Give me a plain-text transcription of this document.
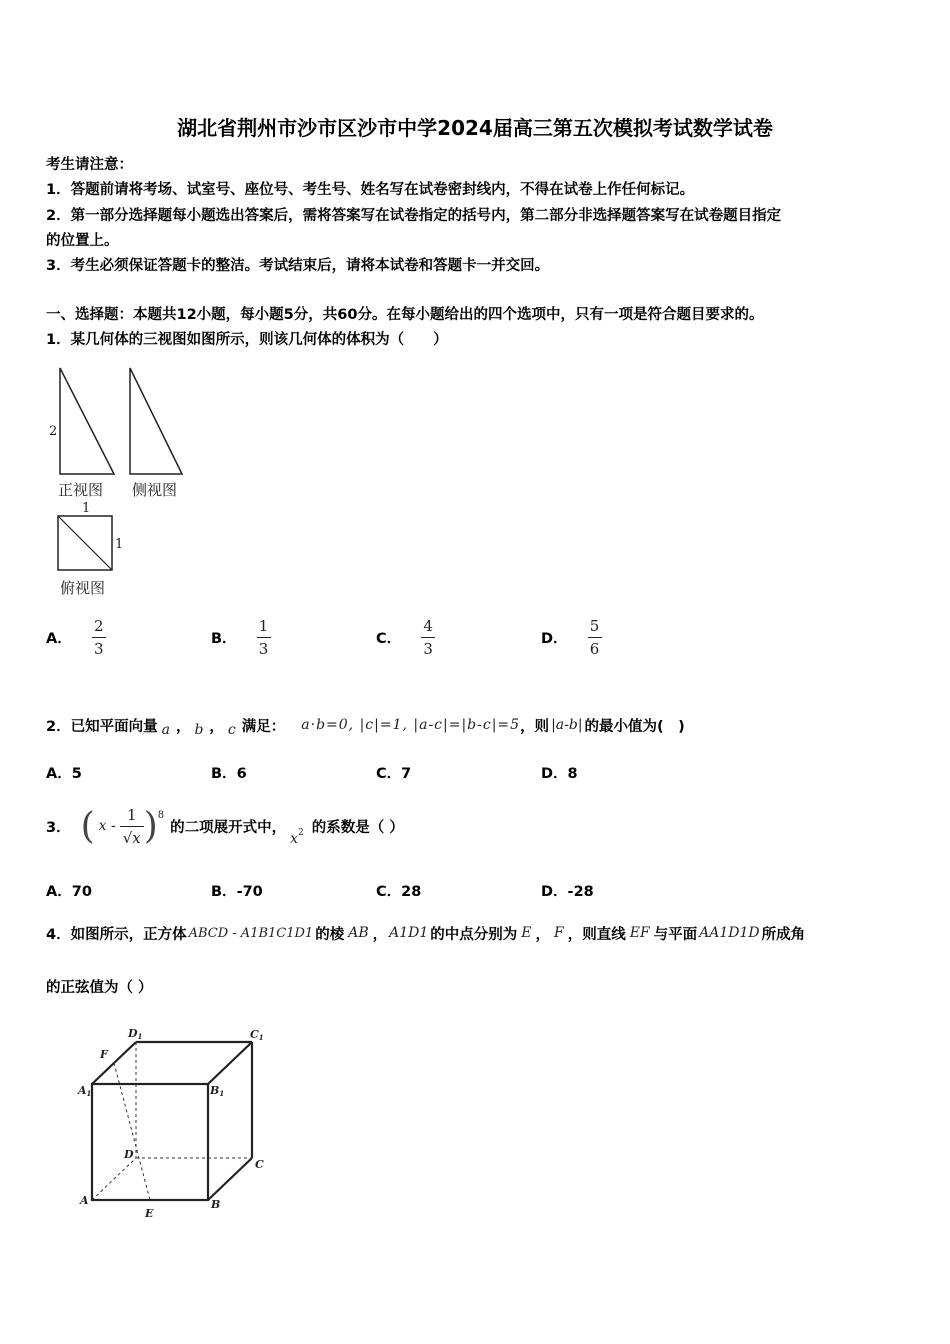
湖北省荆州市沙市区沙市中学2024届高三第五次模拟考试数学试卷
考生请注意：
1．答题前请将考场、试室号、座位号、考生号、姓名写在试卷密封线内，不得在试卷上作任何标记。
2．第一部分选择题每小题选出答案后，需将答案写在试卷指定的括号内，第二部分非选择题答案写在试卷题目指定
的位置上。
3．考生必须保证答题卡的整洁。考试结束后，请将本试卷和答题卡一并交回。
一、选择题：本题共12小题，每小题5分，共60分。在每小题给出的四个选项中，只有一项是符合题目要求的。
1．某几何体的三视图如图所示，则该几何体的体积为（　　）
2
1
1
正视图 侧视图
俯视图
A． $\frac{2}{3}$	B． $\frac{1}{3}$	C． $\frac{4}{3}$	D． $\frac{5}{6}$
2．已知平面向量 a ， b ， c 满足： a·b=0, |c|=1, |a-c|=|b-c|=5 ，则 |a-b| 的最小值为(　)
A．5	B．6	C．7	D．8
3． ( x - $\frac{1}{√x}$ ) 8
的二项展开式中，
x 2 的系数是（ ）
A．70	B．-70	C．28	D．-28
4．如图所示，正方体 ABCD - A1B1C1D1 的棱 AB ， A1D1 的中点分别为 E ， F ，则直线 EF 与平面 AA1D1D 所成角
的正弦值为（ ）
D1	C1
F
A1	B1
D
C
A	B
E
